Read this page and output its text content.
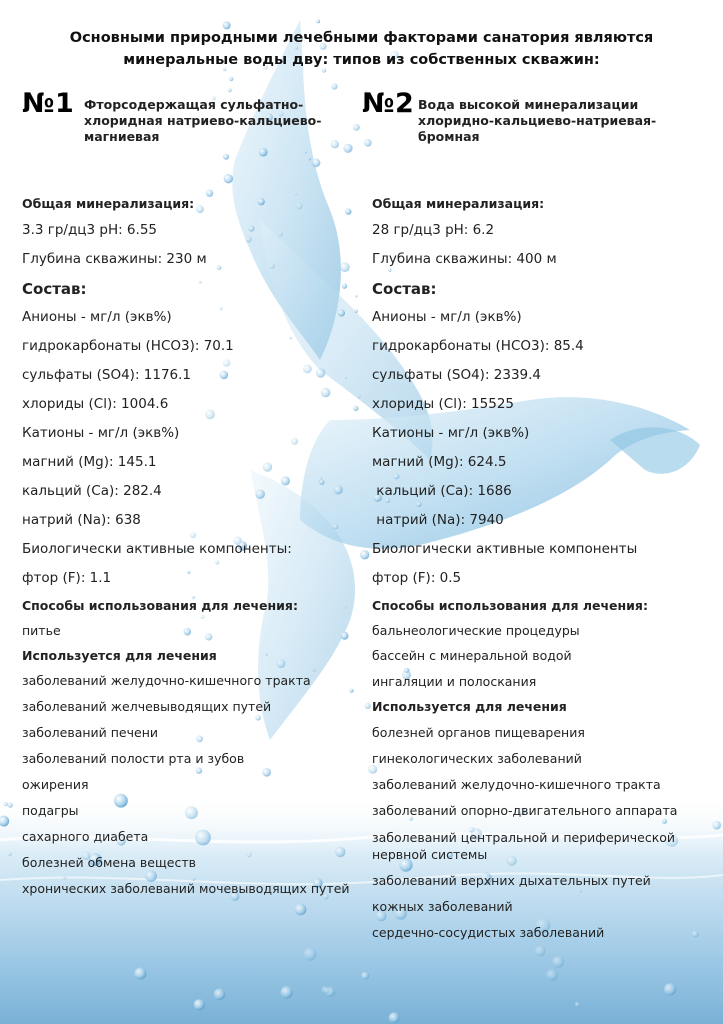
Основными природными лечебными факторами санатория являются
минеральные воды дву: типов из собственных скважин:
№1 Фторсодержащая сульфатно-хлоридная натриево-кальциево-магниевая
Общая минерализация:
3.3 гр/дц3 pH: 6.55
Глубина скважины: 230 м
Состав:
Анионы - мг/л (экв%)
гидрокарбонаты (HCO3): 70.1
сульфаты (SO4): 1176.1
хлориды (Cl): 1004.6
Катионы - мг/л (экв%)
магний (Mg): 145.1
кальций (Ca): 282.4
натрий (Na): 638
Биологически активные компоненты:
фтор (F): 1.1
Способы использования для лечения:
питье
Используется для лечения
заболеваний желудочно-кишечного тракта
заболеваний желчевыводящих путей
заболеваний печени
заболеваний полости рта и зубов
ожирения
подагры
сахарного диабета
болезней обмена веществ
хронических заболеваний мочевыводящих путей
№2 Вода высокой минерализации хлоридно-кальциево-натриевая-бромная
Общая минерализация:
28 гр/дц3 pH: 6.2
Глубина скважины: 400 м
Состав:
Анионы - мг/л (экв%)
гидрокарбонаты (HCO3): 85.4
сульфаты (SO4): 2339.4
хлориды (Cl): 15525
Катионы - мг/л (экв%)
магний (Mg): 624.5
кальций (Ca): 1686
натрий (Na): 7940
Биологически активные компоненты
фтор (F): 0.5
Способы использования для лечения:
бальнеологические процедуры
бассейн с минеральной водой
ингаляции и полоскания
Используется для лечения
болезней органов пищеварения
гинекологических заболеваний
заболеваний желудочно-кишечного тракта
заболеваний опорно-двигательного аппарата
заболеваний центральной и периферической нервной системы
заболеваний верхних дыхательных путей
кожных заболеваний
сердечно-сосудистых заболеваний
